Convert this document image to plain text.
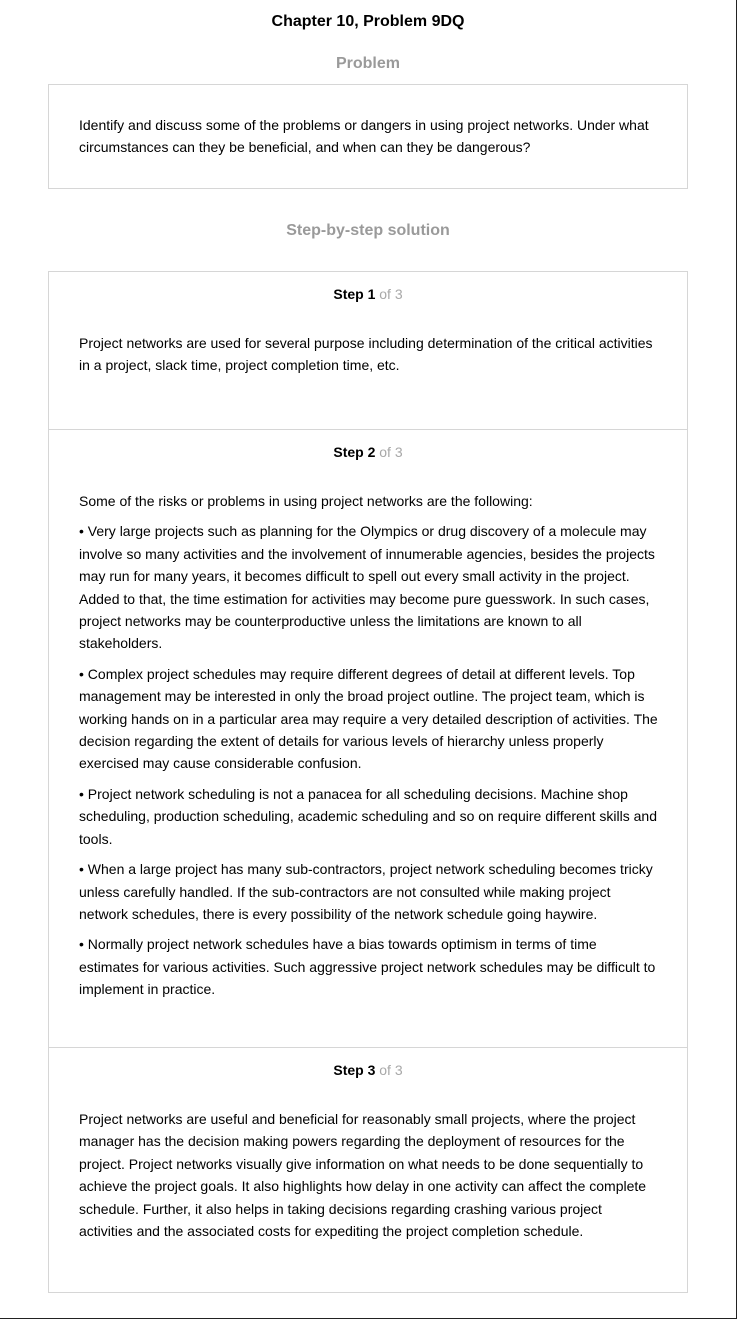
Chapter 10, Problem 9DQ
Problem

Identify and discuss some of the problems or dangers in using project networks. Under what circumstances can they be beneficial, and when can they be dangerous?

Step-by-step solution
Step 1 of 3

Project networks are used for several purpose including determination of the critical activities in a project, slack time, project completion time, etc.

Step 2 of 3

Some of the risks or problems in using project networks are the following:

• Very large projects such as planning for the Olympics or drug discovery of a molecule may involve so many activities and the involvement of innumerable agencies, besides the projects may run for many years, it becomes difficult to spell out every small activity in the project. Added to that, the time estimation for activities may become pure guesswork. In such cases, project networks may be counterproductive unless the limitations are known to all stakeholders.

• Complex project schedules may require different degrees of detail at different levels. Top management may be interested in only the broad project outline. The project team, which is working hands on in a particular area may require a very detailed description of activities. The decision regarding the extent of details for various levels of hierarchy unless properly exercised may cause considerable confusion.

• Project network scheduling is not a panacea for all scheduling decisions. Machine shop scheduling, production scheduling, academic scheduling and so on require different skills and tools.

• When a large project has many sub-contractors, project network scheduling becomes tricky unless carefully handled. If the sub-contractors are not consulted while making project network schedules, there is every possibility of the network schedule going haywire.

• Normally project network schedules have a bias towards optimism in terms of time estimates for various activities. Such aggressive project network schedules may be difficult to implement in practice.

Step 3 of 3

Project networks are useful and beneficial for reasonably small projects, where the project manager has the decision making powers regarding the deployment of resources for the project. Project networks visually give information on what needs to be done sequentially to achieve the project goals. It also highlights how delay in one activity can affect the complete schedule. Further, it also helps in taking decisions regarding crashing various project activities and the associated costs for expediting the project completion schedule.
